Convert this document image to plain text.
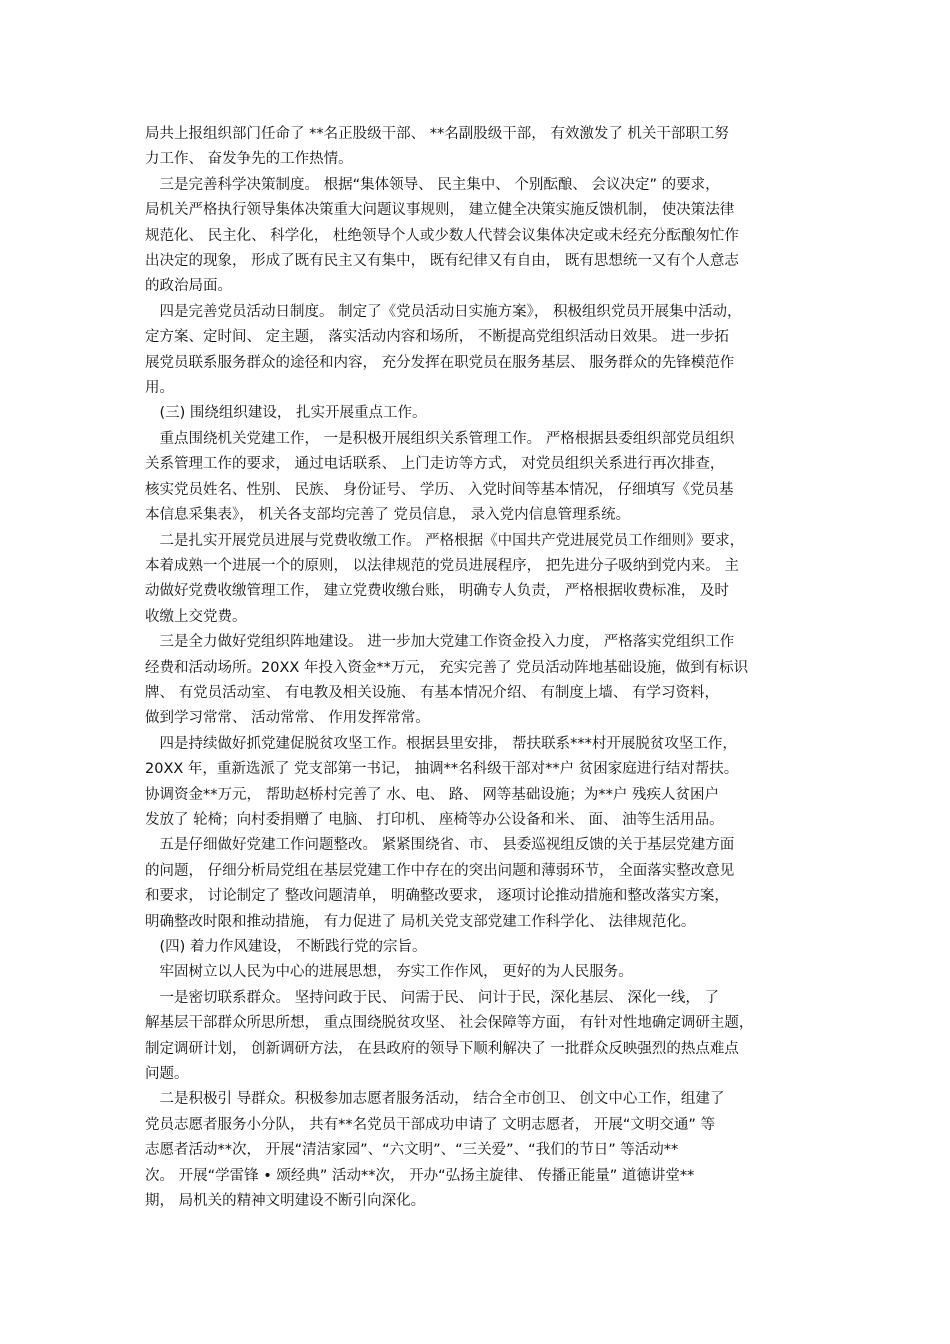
局共上报组织部门任命了 **名正股级干部、 **名副股级干部， 有效激发了 机关干部职工努
力工作、 奋发争先的工作热情。

　三是完善科学决策制度。 根据“集体领导、 民主集中、 个别酝酿、 会议决定” 的要求，
局机关严格执行领导集体决策重大问题议事规则， 建立健全决策实施反馈机制， 使决策法律
规范化、 民主化、 科学化， 杜绝领导个人或少数人代替会议集体决定或未经充分酝酿匆忙作
出决定的现象， 形成了既有民主又有集中， 既有纪律又有自由， 既有思想统一又有个人意志
的政治局面。

　四是完善党员活动日制度。 制定了《党员活动日实施方案》， 积极组织党员开展集中活动，
定方案、定时间、 定主题， 落实活动内容和场所， 不断提高党组织活动日效果。 进一步拓
展党员联系服务群众的途径和内容， 充分发挥在职党员在服务基层、 服务群众的先锋模范作
用。

　(三) 围绕组织建设， 扎实开展重点工作。

　重点围绕机关党建工作， 一是积极开展组织关系管理工作。 严格根据县委组织部党员组织
关系管理工作的要求， 通过电话联系、 上门走访等方式， 对党员组织关系进行再次排查，
核实党员姓名、性别、 民族、 身份证号、 学历、 入党时间等基本情况， 仔细填写《党员基
本信息采集表》， 机关各支部均完善了 党员信息， 录入党内信息管理系统。

　二是扎实开展党员进展与党费收缴工作。 严格根据《中国共产党进展党员工作细则》要求，
本着成熟一个进展一个的原则， 以法律规范的党员进展程序， 把先进分子吸纳到党内来。 主
动做好党费收缴管理工作， 建立党费收缴台账， 明确专人负责， 严格根据收费标准， 及时
收缴上交党费。

　三是全力做好党组织阵地建设。 进一步加大党建工作资金投入力度， 严格落实党组织工作
经费和活动场所。20XX 年投入资金**万元， 充实完善了 党员活动阵地基础设施，做到有标识
牌、 有党员活动室、 有电教及相关设施、 有基本情况介绍、 有制度上墙、 有学习资料，
做到学习常常、 活动常常、 作用发挥常常。

　四是持续做好抓党建促脱贫攻坚工作。根据县里安排， 帮扶联系***村开展脱贫攻坚工作，
20XX 年，重新选派了 党支部第一书记， 抽调**名科级干部对**户 贫困家庭进行结对帮扶。
协调资金**万元， 帮助赵桥村完善了 水、电、 路、 网等基础设施；为**户 残疾人贫困户
发放了 轮椅；向村委捐赠了 电脑、 打印机、 座椅等办公设备和米、 面、 油等生活用品。

　五是仔细做好党建工作问题整改。 紧紧围绕省、市、 县委巡视组反馈的关于基层党建方面
的问题， 仔细分析局党组在基层党建工作中存在的突出问题和薄弱环节， 全面落实整改意见
和要求， 讨论制定了 整改问题清单， 明确整改要求， 逐项讨论推动措施和整改落实方案，
明确整改时限和推动措施， 有力促进了 局机关党支部党建工作科学化、 法律规范化。

　(四) 着力作风建设， 不断践行党的宗旨。

　牢固树立以人民为中心的进展思想， 夯实工作作风， 更好的为人民服务。

　一是密切联系群众。 坚持问政于民、 问需于民、 问计于民，深化基层、 深化一线， 了
解基层干部群众所思所想， 重点围绕脱贫攻坚、 社会保障等方面， 有针对性地确定调研主题，
制定调研计划， 创新调研方法， 在县政府的领导下顺利解决了 一批群众反映强烈的热点难点
问题。

　二是积极引 导群众。积极参加志愿者服务活动， 结合全市创卫、 创文中心工作，组建了
党员志愿者服务小分队， 共有**名党员干部成功申请了 文明志愿者， 开展“文明交通” 等
志愿者活动**次， 开展“清洁家园”、“六文明”、“三关爱”、“我们的节日” 等活动**
次。 开展“学雷锋 • 颂经典” 活动**次， 开办“弘扬主旋律、 传播正能量” 道德讲堂**
期， 局机关的精神文明建设不断引向深化。
